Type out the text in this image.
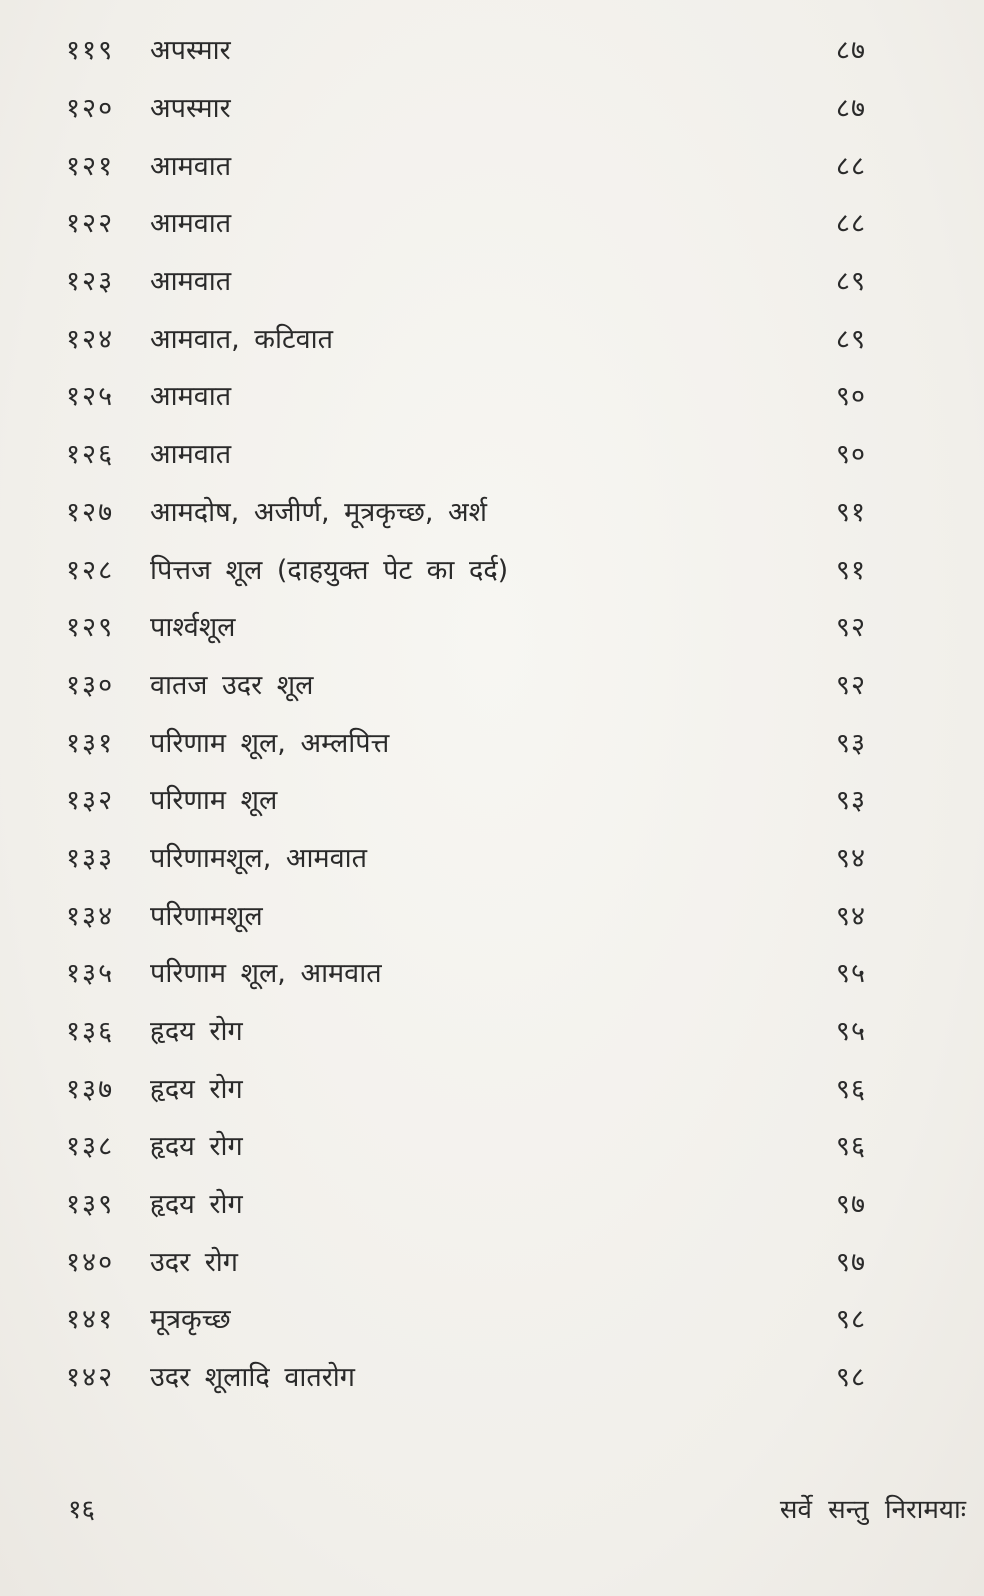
११९	अपस्मार	८७
१२०	अपस्मार	८७
१२१	आमवात	८८
१२२	आमवात	८८
१२३	आमवात	८९
१२४	आमवात, कटिवात	८९
१२५	आमवात	९०
१२६	आमवात	९०
१२७	आमदोष, अजीर्ण, मूत्रकृच्छ, अर्श	९१
१२८	पित्तज शूल (दाहयुक्त पेट का दर्द)	९१
१२९	पार्श्वशूल	९२
१३०	वातज उदर शूल	९२
१३१	परिणाम शूल, अम्लपित्त	९३
१३२	परिणाम शूल	९३
१३३	परिणामशूल, आमवात	९४
१३४	परिणामशूल	९४
१३५	परिणाम शूल, आमवात	९५
१३६	हृदय रोग	९५
१३७	हृदय रोग	९६
१३८	हृदय रोग	९६
१३९	हृदय रोग	९७
१४०	उदर रोग	९७
१४१	मूत्रकृच्छ	९८
१४२	उदर शूलादि वातरोग	९८
१६	सर्वे सन्तु निरामयाः
